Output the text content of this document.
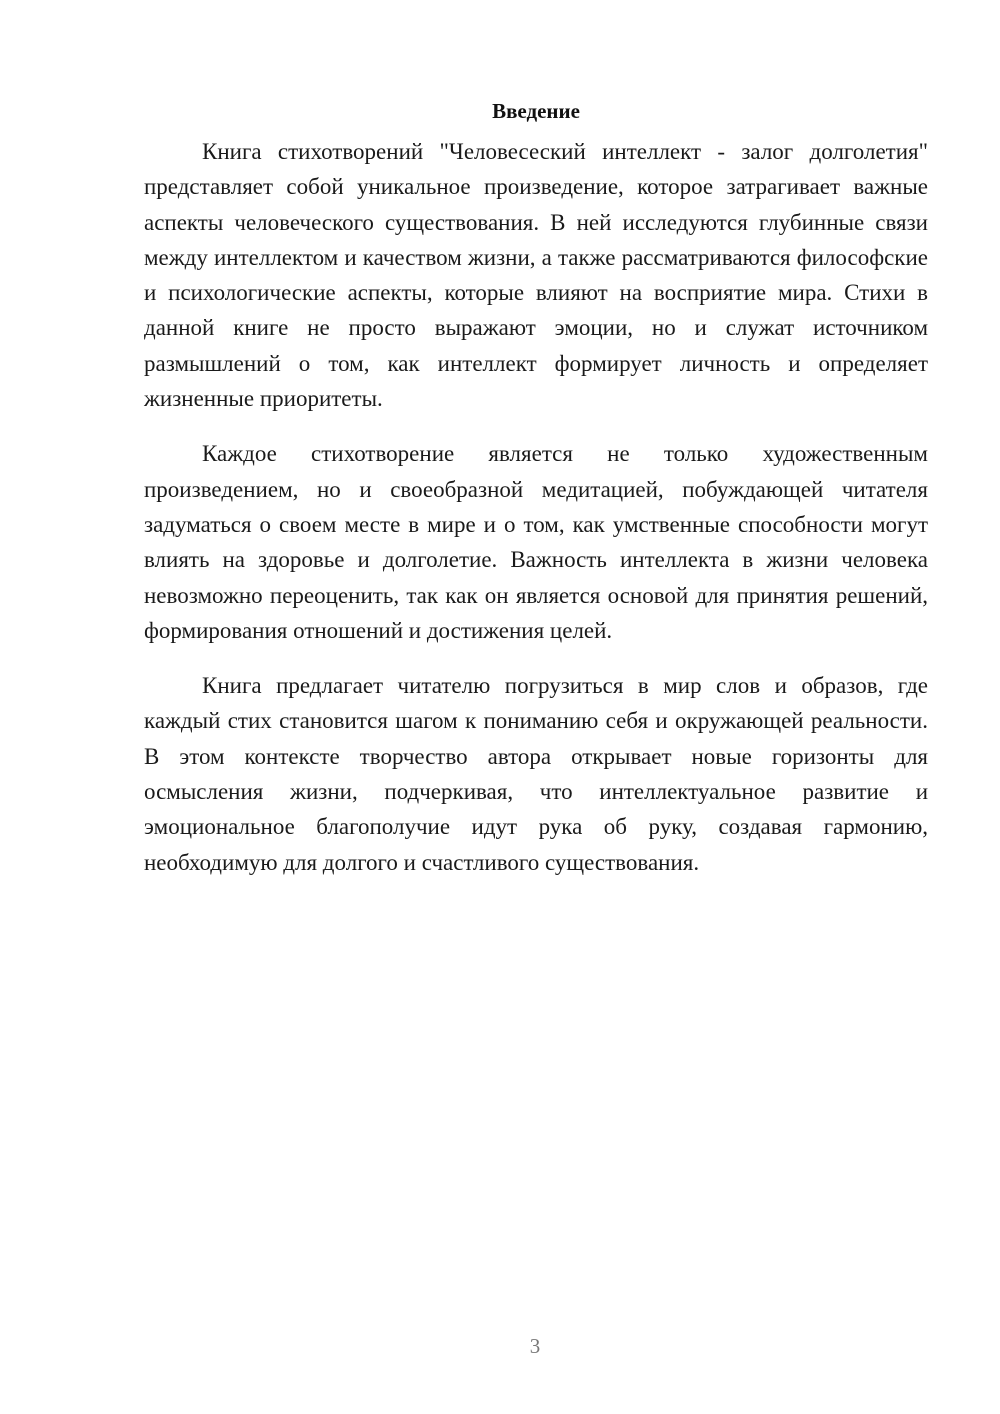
Введение

Книга стихотворений "Человесеский интеллект - залог долголетия" представляет собой уникальное произведение, которое затрагивает важные аспекты человеческого существования. В ней исследуются глубинные связи между интеллектом и качеством жизни, а также рассматриваются философские и психологические аспекты, которые влияют на восприятие мира. Стихи в данной книге не просто выражают эмоции, но и служат источником размышлений о том, как интеллект формирует личность и определяет жизненные приоритеты.

Каждое стихотворение является не только художественным произведением, но и своеобразной медитацией, побуждающей читателя задуматься о своем месте в мире и о том, как умственные способности могут влиять на здоровье и долголетие. Важность интеллекта в жизни человека невозможно переоценить, так как он является основой для принятия решений, формирования отношений и достижения целей.

Книга предлагает читателю погрузиться в мир слов и образов, где каждый стих становится шагом к пониманию себя и окружающей реальности. В этом контексте творчество автора открывает новые горизонты для осмысления жизни, подчеркивая, что интеллектуальное развитие и эмоциональное благополучие идут рука об руку, создавая гармонию, необходимую для долгого и счастливого существования.

3
